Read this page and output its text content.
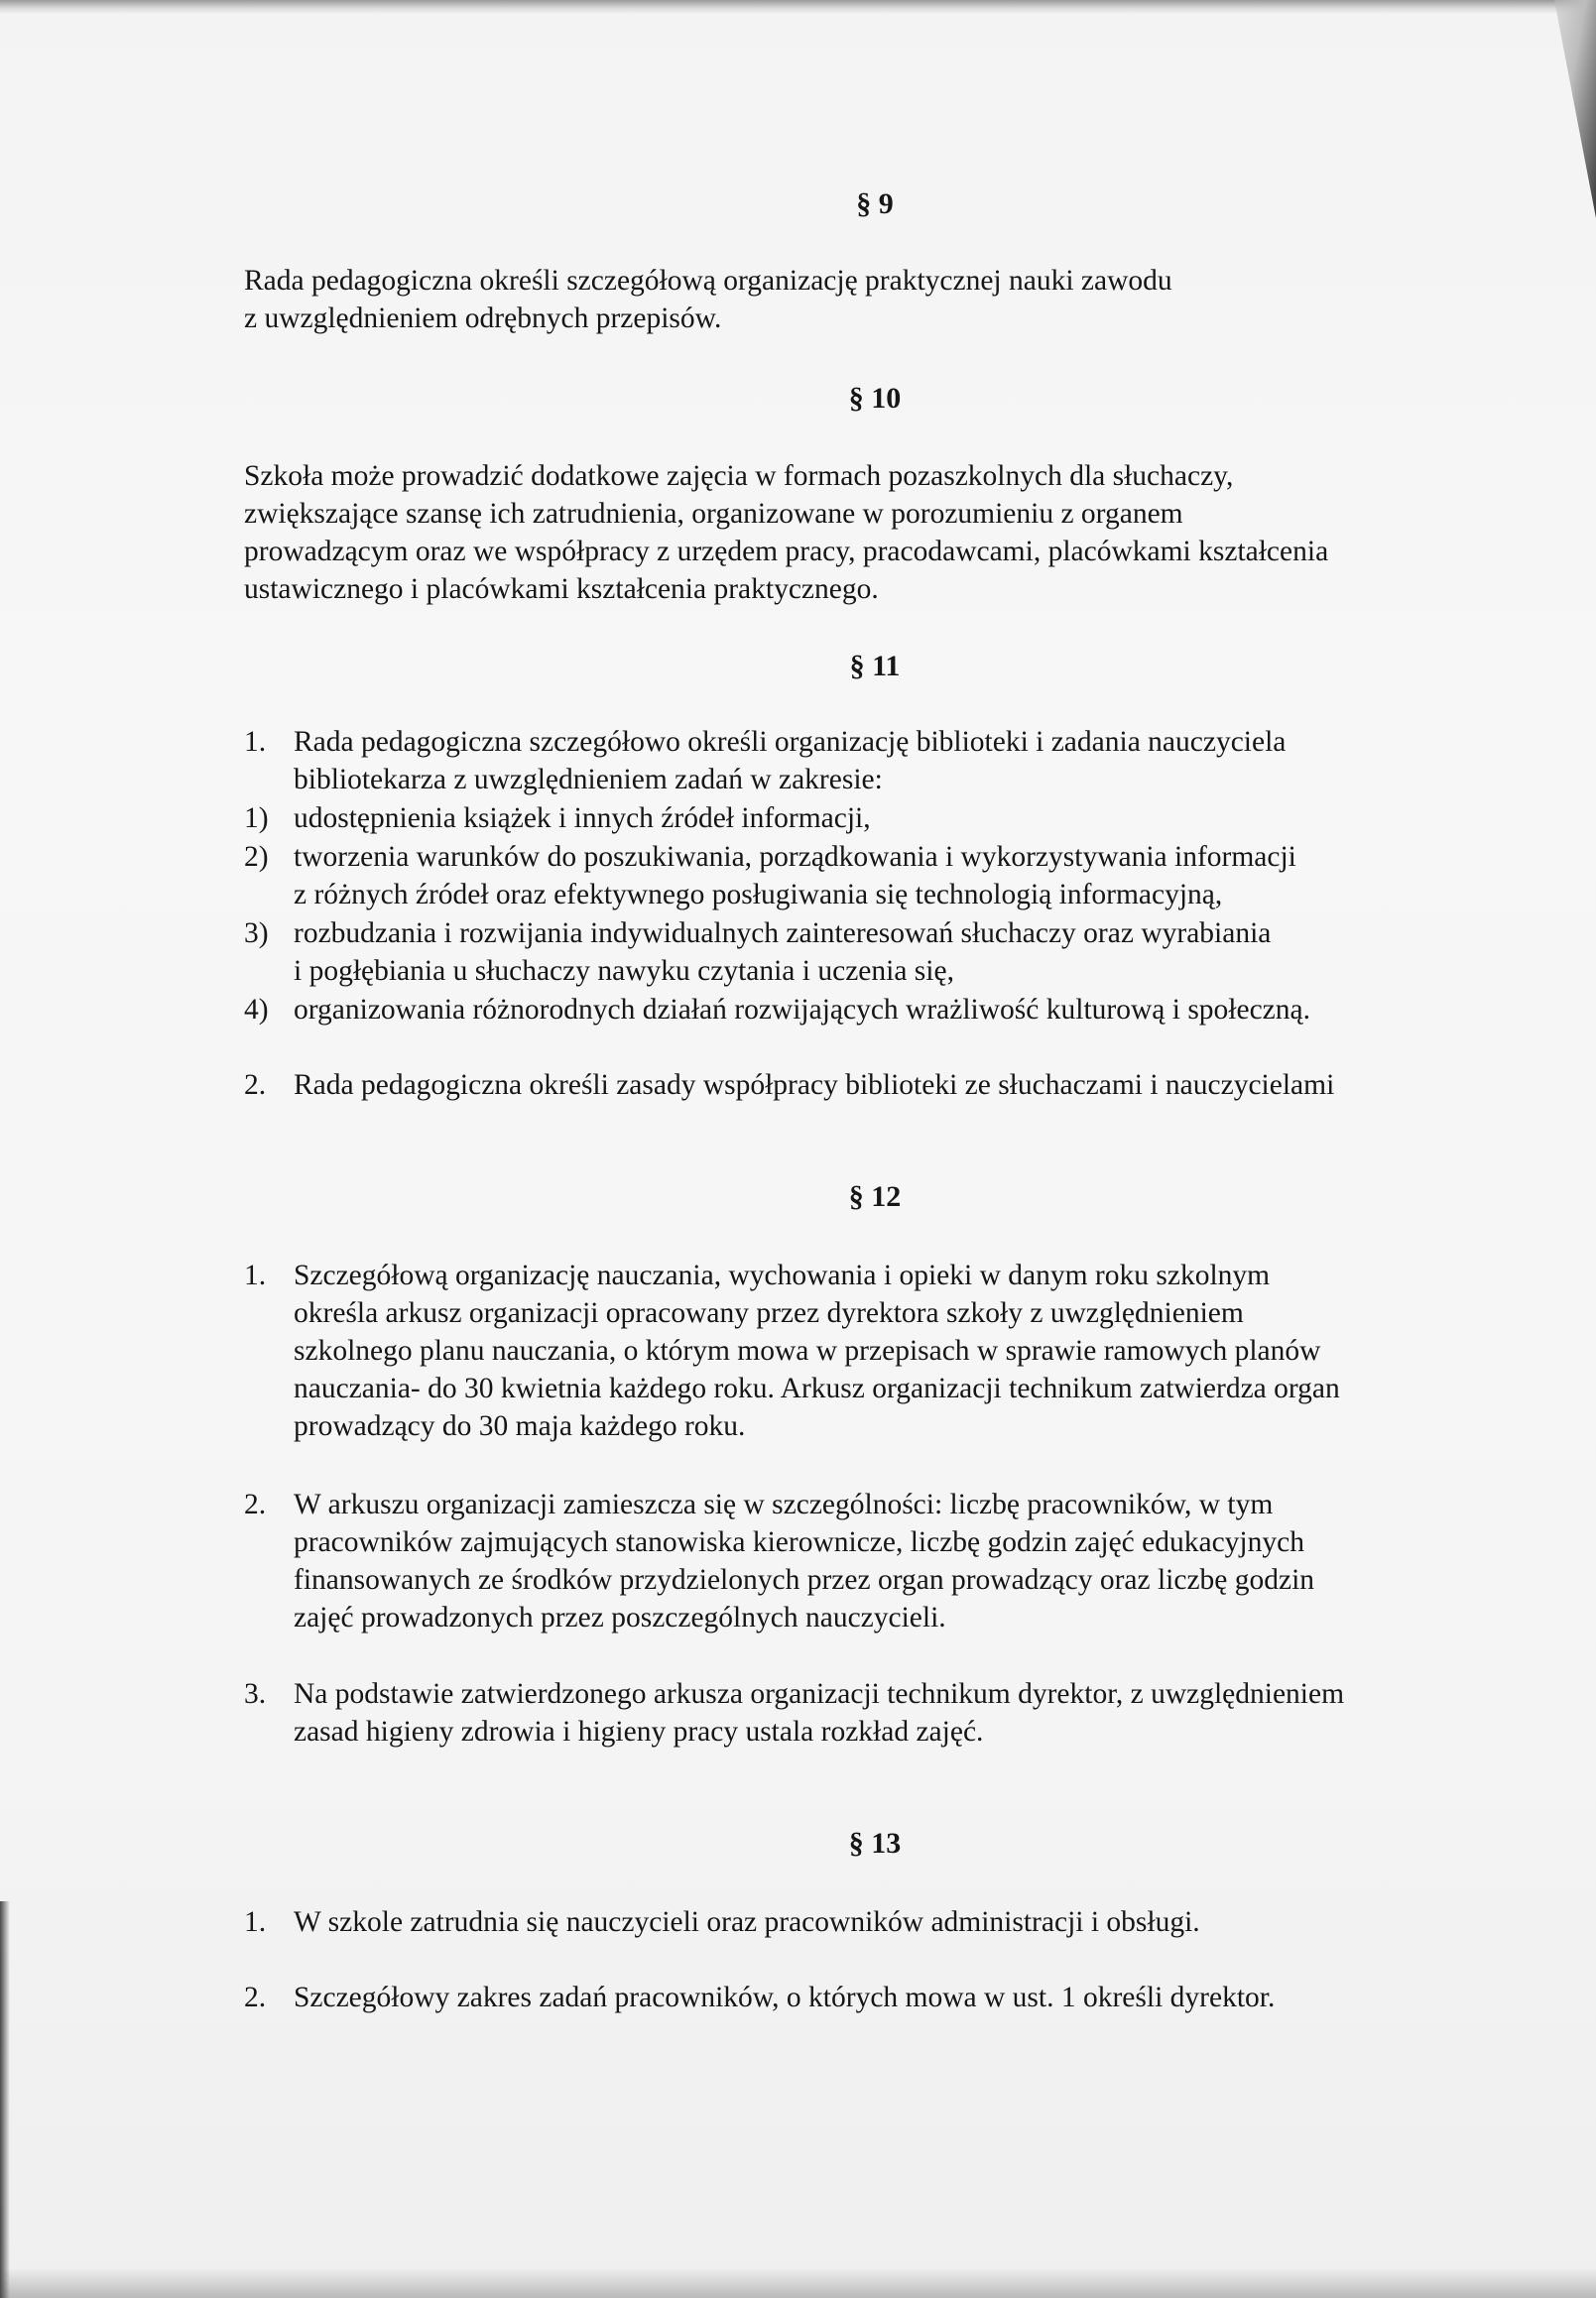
§ 9
Rada pedagogiczna określi szczegółową organizację praktycznej nauki zawodu
z uwzględnieniem odrębnych przepisów.
§ 10
Szkoła może prowadzić dodatkowe zajęcia w formach pozaszkolnych dla słuchaczy,
zwiększające szansę ich zatrudnienia, organizowane w porozumieniu z organem
prowadzącym oraz we współpracy z urzędem pracy, pracodawcami, placówkami kształcenia
ustawicznego i placówkami kształcenia praktycznego.
§ 11
1. Rada pedagogiczna szczegółowo określi organizację biblioteki i zadania nauczyciela
bibliotekarza z uwzględnieniem zadań w zakresie:
1) udostępnienia książek i innych źródeł informacji,
2) tworzenia warunków do poszukiwania, porządkowania i wykorzystywania informacji
z różnych źródeł oraz efektywnego posługiwania się technologią informacyjną,
3) rozbudzania i rozwijania indywidualnych zainteresowań słuchaczy oraz wyrabiania
i pogłębiania u słuchaczy nawyku czytania i uczenia się,
4) organizowania różnorodnych działań rozwijających wrażliwość kulturową i społeczną.
2. Rada pedagogiczna określi zasady współpracy biblioteki ze słuchaczami i nauczycielami
§ 12
1. Szczegółową organizację nauczania, wychowania i opieki w danym roku szkolnym
określa arkusz organizacji opracowany przez dyrektora szkoły z uwzględnieniem
szkolnego planu nauczania, o którym mowa w przepisach w sprawie ramowych planów
nauczania- do 30 kwietnia każdego roku. Arkusz organizacji technikum zatwierdza organ
prowadzący do 30 maja każdego roku.
2. W arkuszu organizacji zamieszcza się w szczególności: liczbę pracowników, w tym
pracowników zajmujących stanowiska kierownicze, liczbę godzin zajęć edukacyjnych
finansowanych ze środków przydzielonych przez organ prowadzący oraz liczbę godzin
zajęć prowadzonych przez poszczególnych nauczycieli.
3. Na podstawie zatwierdzonego arkusza organizacji technikum dyrektor, z uwzględnieniem
zasad higieny zdrowia i higieny pracy ustala rozkład zajęć.
§ 13
1. W szkole zatrudnia się nauczycieli oraz pracowników administracji i obsługi.
2. Szczegółowy zakres zadań pracowników, o których mowa w ust. 1 określi dyrektor.
